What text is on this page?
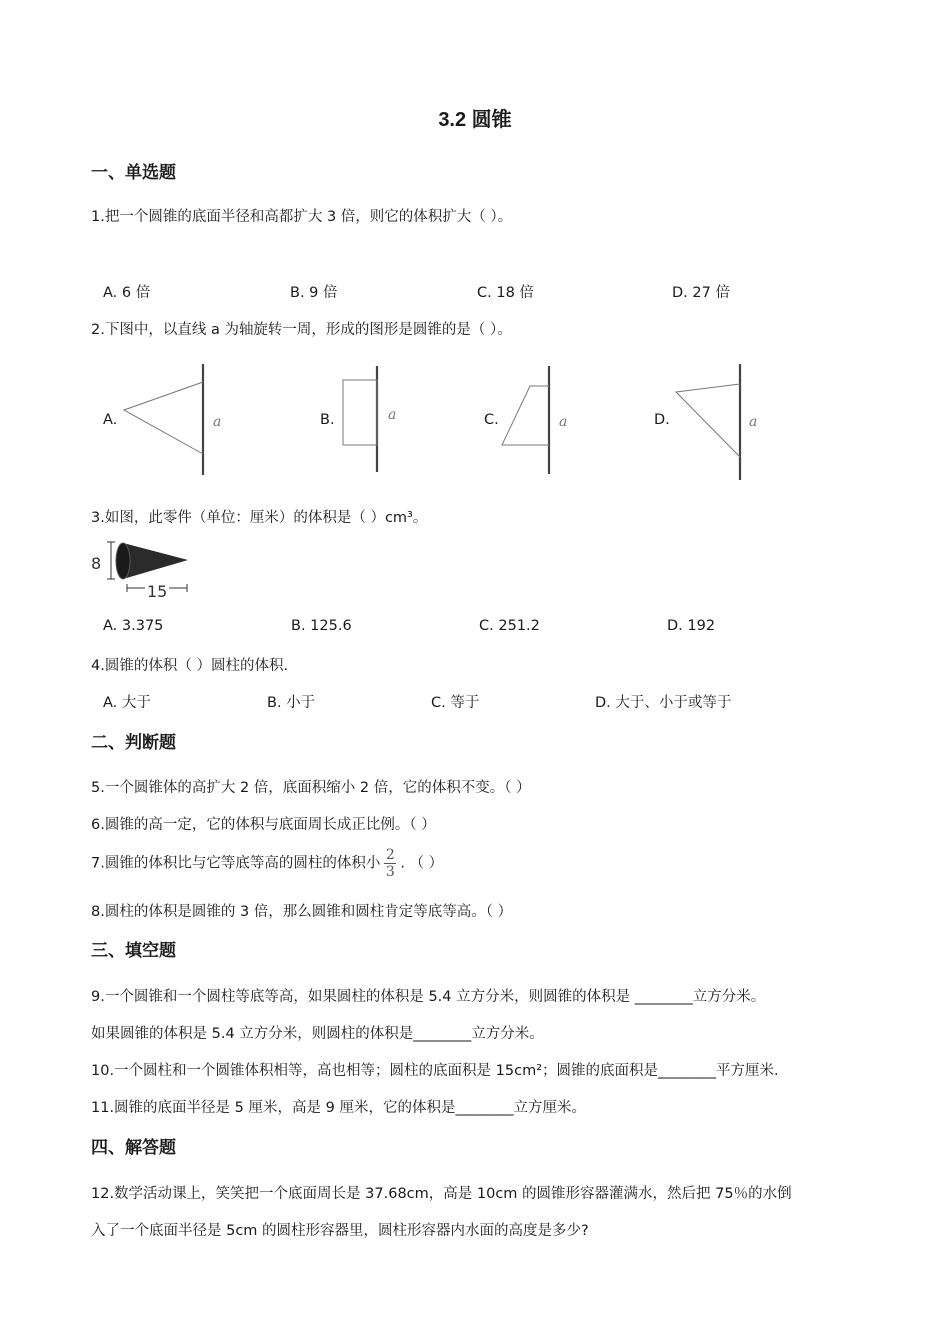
3.2 圆锥
一、单选题
1.把一个圆锥的底面半径和高都扩大 3 倍，则它的体积扩大（ ）。
A. 6 倍	B. 9 倍	C. 18 倍	D. 27 倍
2.下图中，以直线 a 为轴旋转一周，形成的图形是圆锥的是（ ）。
A.	a	B.	a	C.	a	D.	a
3.如图，此零件（单位：厘米）的体积是（ ）cm³。
8
15
A. 3.375	B. 125.6	C. 251.2	D. 192
4.圆锥的体积（ ）圆柱的体积.
A. 大于	B. 小于	C. 等于	D. 大于、小于或等于
二、判断题
5.一个圆锥体的高扩大 2 倍，底面积缩小 2 倍，它的体积不变。（ ）
6.圆锥的高一定，它的体积与底面周长成正比例。（ ）
7.圆锥的体积比与它等底等高的圆柱的体积小 $\frac{2}{3}$ . （ ）
8.圆柱的体积是圆锥的 3 倍，那么圆锥和圆柱肯定等底等高。（ ）
三、填空题
9.一个圆锥和一个圆柱等底等高，如果圆柱的体积是 5.4 立方分米，则圆锥的体积是 ________立方分米。
如果圆锥的体积是 5.4 立方分米，则圆柱的体积是________立方分米。
10.一个圆柱和一个圆锥体积相等，高也相等；圆柱的底面积是 15cm²；圆锥的底面积是________平方厘米.
11.圆锥的底面半径是 5 厘米，高是 9 厘米，它的体积是________立方厘米。
四、解答题
12.数学活动课上，笑笑把一个底面周长是 37.68cm，高是 10cm 的圆锥形容器灌满水，然后把 75％的水倒
入了一个底面半径是 5cm 的圆柱形容器里，圆柱形容器内水面的高度是多少?
